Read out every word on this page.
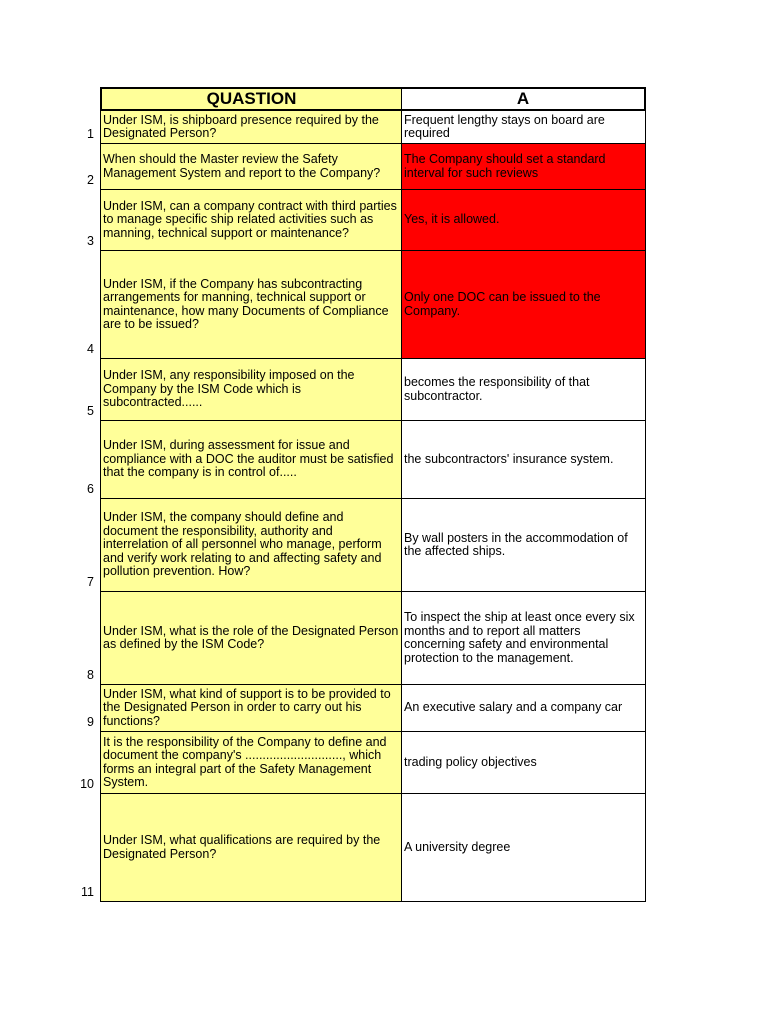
QUASTION	A
1
Under ISM, is shipboard presence required by the Designated Person?
Frequent lengthy stays on board are required
2
When should the Master review the Safety Management System and report to the Company?
The Company should set a standard interval for such reviews
3
Under ISM, can a company contract with third parties to manage specific ship related activities such as manning, technical support or maintenance?
Yes, it is allowed.
4
Under ISM, if the Company has subcontracting arrangements for manning, technical support or maintenance, how many Documents of Compliance are to be issued?
Only one DOC can be issued to the Company.
5
Under ISM, any responsibility imposed on the Company by the ISM Code which is subcontracted......
becomes the responsibility of that subcontractor.
6
Under ISM, during assessment for issue and compliance with a DOC the auditor must be satisfied that the company is in control of.....
the subcontractors' insurance system.
7
Under ISM, the company should define and document the responsibility, authority and interrelation of all personnel who manage, perform and verify work relating to and affecting safety and pollution prevention. How?
By wall posters in the accommodation of the affected ships.
8
Under ISM, what is the role of the Designated Person as defined by the ISM Code?
To inspect the ship at least once every six months and to report all matters concerning safety and environmental protection to the management.
9
Under ISM, what kind of support is to be provided to the Designated Person in order to carry out his functions?
An executive salary and a company car
10
It is the responsibility of the Company to define and document the company's ............................, which forms an integral part of the Safety Management System.
trading policy objectives
11
Under ISM, what qualifications are required by the Designated Person?	A university degree
